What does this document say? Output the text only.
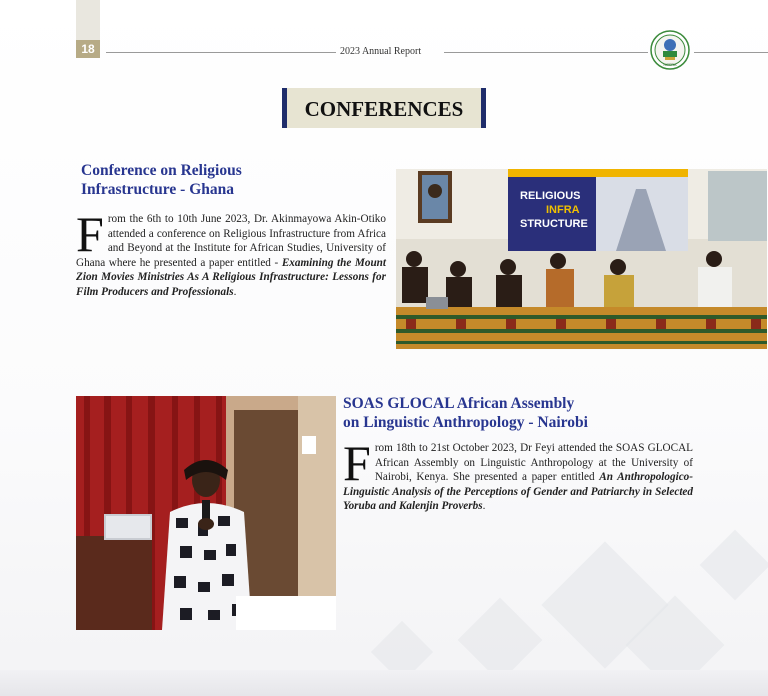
18	2023 Annual Report
NIGERIA
CONFERENCES
Conference on Religious
Infrastructure - Ghana

From the 6th to 10th June 2023, Dr. Akinmayowa Akin-Otiko attended a conference on Religious Infrastructure from Africa and Beyond at the Institute for African Studies, University of Ghana where he presented a paper entitled - Examining the Mount Zion Movies Ministries As A Religious Infrastructure: Lessons for Film Producers and Professionals.

RELIGIOUS
INFRA
STRUCTURE
SOAS GLOCAL African Assembly
on Linguistic Anthropology - Nairobi

From 18th to 21st October 2023, Dr Feyi attended the SOAS GLOCAL African Assembly on Linguistic Anthropology at the University of Nairobi, Kenya. She presented a paper entitled An Anthropologico-Linguistic Analysis of the Perceptions of Gender and Patriarchy in Selected Yoruba and Kalenjin Proverbs.
